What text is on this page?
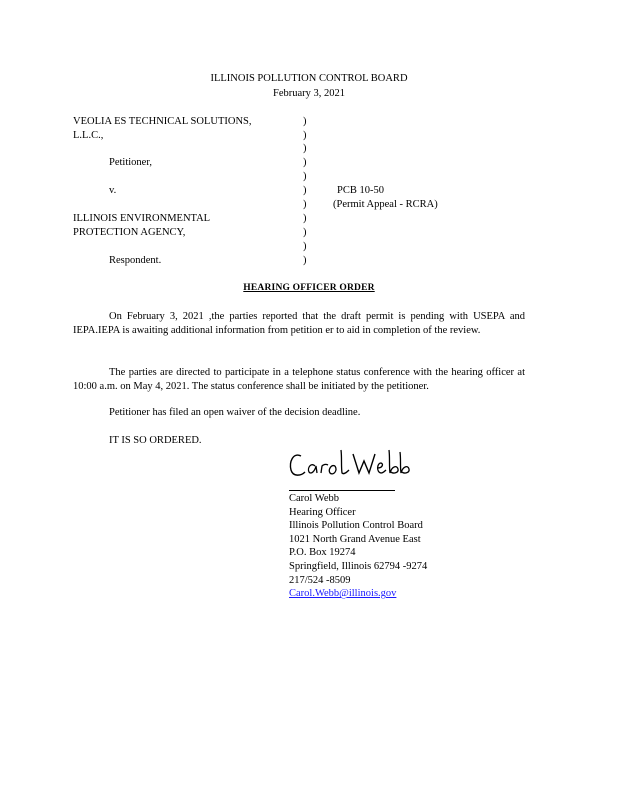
ILLINOIS POLLUTION CONTROL BOARD
February 3, 2021
VEOLIA ES TECHNICAL SOLUTIONS,
L.L.C.,
Petitioner,
v.
ILLINOIS ENVIRONMENTAL
PROTECTION AGENCY,
Respondent.
)
)
)
)
)
)
)
)
)
)
)
PCB 10-50
(Permit Appeal - RCRA)
HEARING OFFICER ORDER
On February 3, 2021 ,the parties reported that the draft permit is pending with USEPA and IEPA.IEPA is awaiting additional information from petition er to aid in completion of the review.
The parties are directed to participate in a telephone status conference with the hearing officer at 10:00 a.m. on May 4, 2021. The status conference shall be initiated by the petitioner.
Petitioner has filed an open waiver of the decision deadline.
IT IS SO ORDERED.
Carol Webb
Hearing Officer
Illinois Pollution Control Board
1021 North Grand Avenue East
P.O. Box 19274
Springfield, Illinois 62794 -9274
217/524 -8509
Carol.Webb@illinois.gov
